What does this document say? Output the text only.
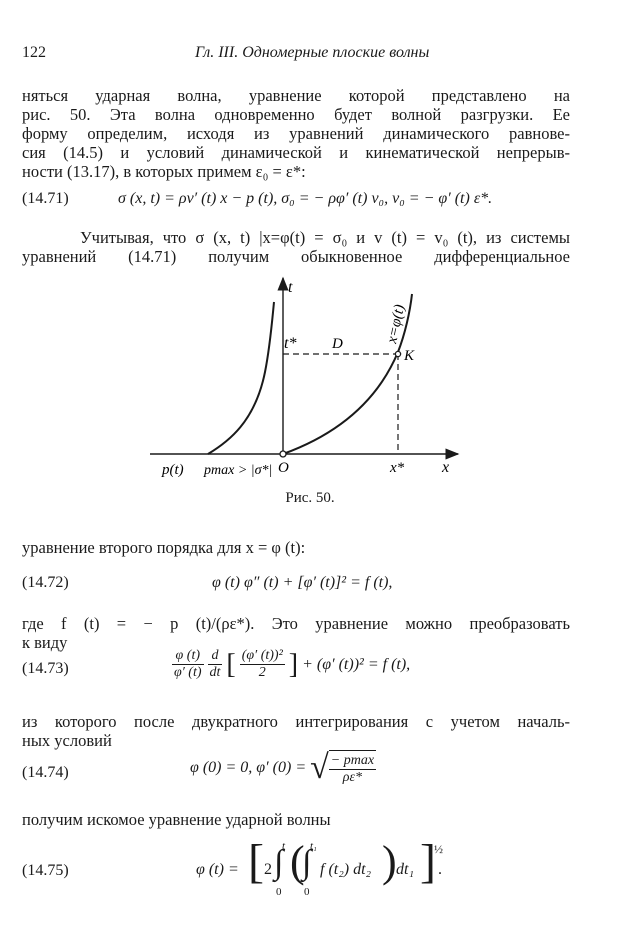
122	Гл. III. Одномерные плоские волны
няться ударная волна, уравнение которой представлено на
рис. 50. Эта волна одновременно будет волной разгрузки. Ее
форму определим, исходя из уравнений динамического равнове-
сия (14.5) и условий динамической и кинематической непрерыв-
ности (13.17), в которых примем ε₀ = ε*:
(14.71)	σ (x, t) = ρv′ (t) x − p (t), σ₀ = − ρφ′ (t) v₀, v₀ = − φ′ (t) ε*.
Учитывая, что σ (x, t) |x=φ(t) = σ₀ и v (t) = v₀ (t), из системы
уравнений (14.71) получим обыкновенное дифференциальное
t
x
t* D	x=φ(t)
K
O	x*
p(t) pmax > |σ*|
Рис. 50.
уравнение второго порядка для x = φ (t):
(14.72)	φ (t) φ″ (t) + [φ′ (t)]² = f (t),
где f (t) = − p (t)/(ρε*). Это уравнение можно преобразовать
к виду
(14.73)	$\frac{\varphi (t)}{\varphi' (t)} \frac{d}{dt}$ [ $\frac{\text{(φ′ (t))²}}{2}$ ] + (φ′ (t))² = f (t),
из которого после двукратного интегрирования с учетом началь-
ных условий
(14.74)	φ (0) = 0, φ′ (0) = √ $\frac{- pmax}{\rho\varepsilon*}$
получим искомое уравнение ударной волны
(14.75)	φ (t) = [ 2 ∫
t
0
(
∫
t₁
0
f (t₂) dt₂ ) dt₁ ]
½
.
